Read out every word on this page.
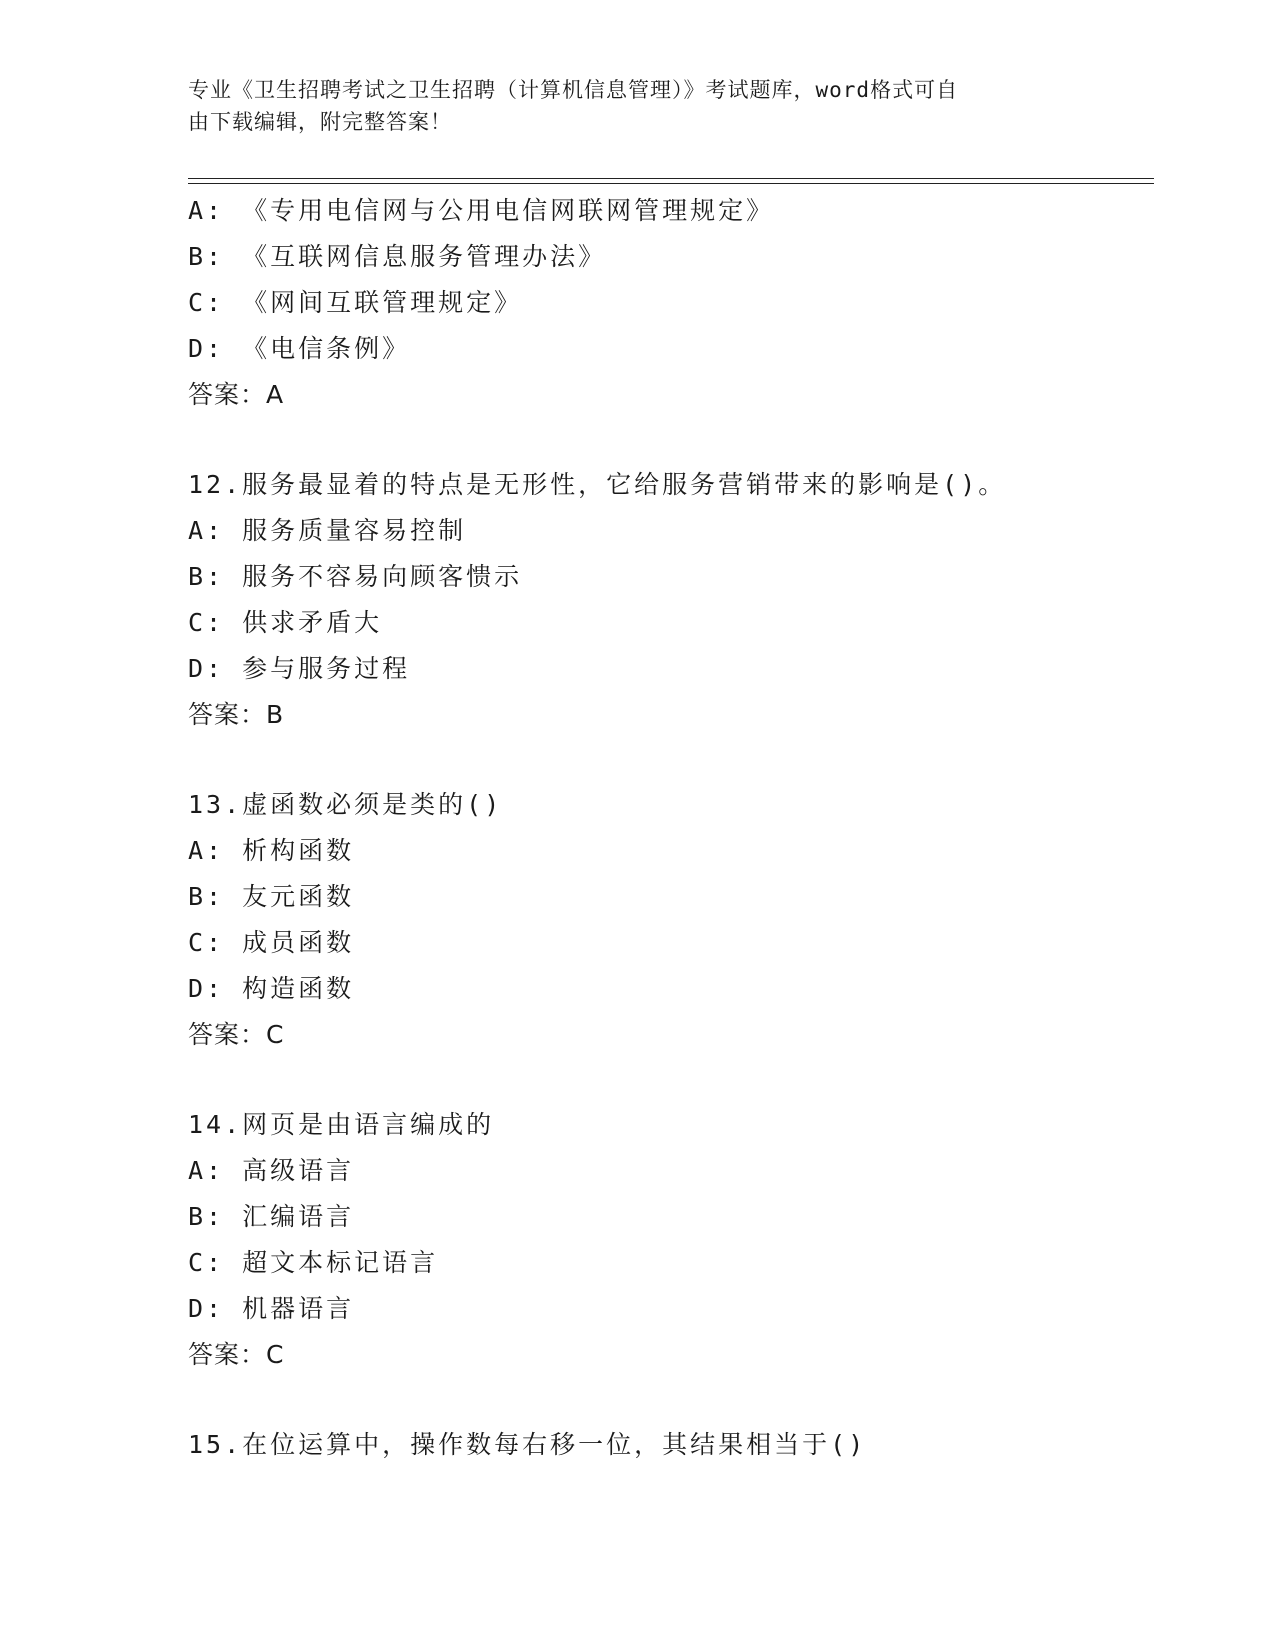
专业《卫生招聘考试之卫生招聘（计算机信息管理）》考试题库，word格式可自
由下载编辑，附完整答案！
A: 《专用电信网与公用电信网联网管理规定》
B: 《互联网信息服务管理办法》
C: 《网间互联管理规定》
D: 《电信条例》
答案：A
12.服务最显着的特点是无形性，它给服务营销带来的影响是()。
A: 服务质量容易控制
B: 服务不容易向顾客愦示
C: 供求矛盾大
D: 参与服务过程
答案：B
13.虚函数必须是类的()
A: 析构函数
B: 友元函数
C: 成员函数
D: 构造函数
答案：C
14.网页是由语言编成的
A: 高级语言
B: 汇编语言
C: 超文本标记语言
D: 机器语言
答案：C
15.在位运算中，操作数每右移一位，其结果相当于()
